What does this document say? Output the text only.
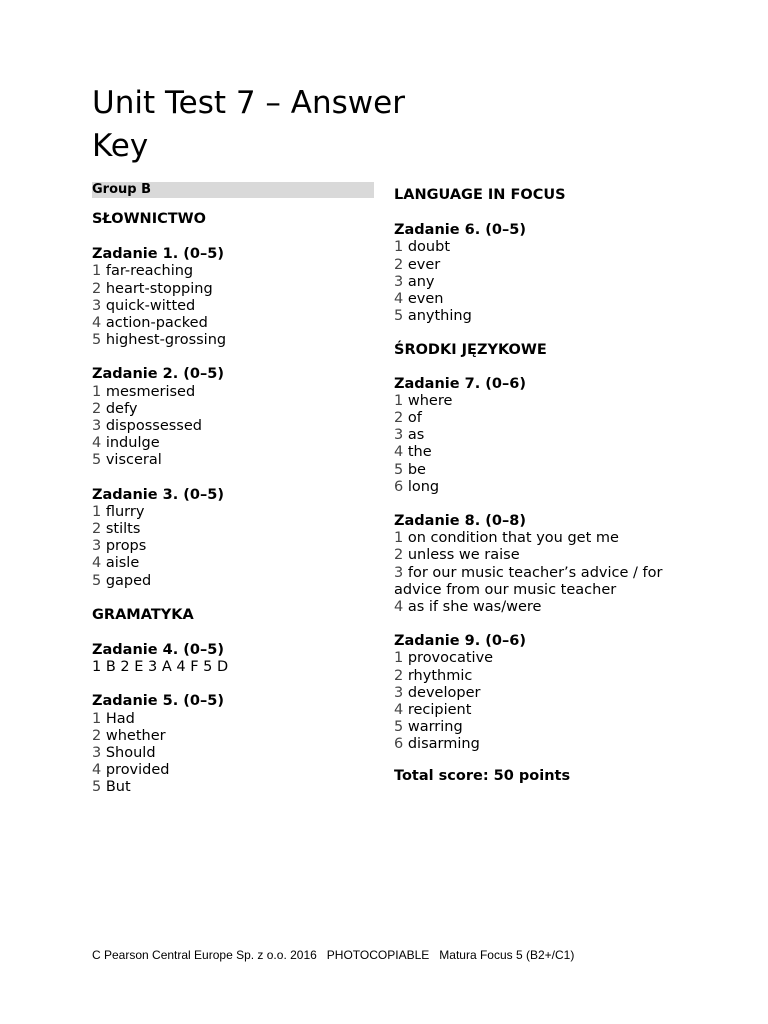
Unit Test 7 – Answer Key
Group B
SŁOWNICTWO
Zadanie 1. (0–5)
1 far-reaching
2 heart-stopping
3 quick-witted
4 action-packed
5 highest-grossing
Zadanie 2. (0–5)
1 mesmerised
2 defy
3 dispossessed
4 indulge
5 visceral
Zadanie 3. (0–5)
1 flurry
2 stilts
3 props
4 aisle
5 gaped
GRAMATYKA
Zadanie 4. (0–5)
1 B 2 E 3 A 4 F 5 D
Zadanie 5. (0–5)
1 Had
2 whether
3 Should
4 provided
5 But
LANGUAGE IN FOCUS
Zadanie 6. (0–5)
1 doubt
2 ever
3 any
4 even
5 anything
ŚRODKI JĘZYKOWE
Zadanie 7. (0–6)
1 where
2 of
3 as
4 the
5 be
6 long
Zadanie 8. (0–8)
1 on condition that you get me
2 unless we raise
3 for our music teacher’s advice / for advice from our music teacher
4 as if she was/were
Zadanie 9. (0–6)
1 provocative
2 rhythmic
3 developer
4 recipient
5 warring
6 disarming
Total score: 50 points
C Pearson Central Europe Sp. z o.o. 2016   PHOTOCOPIABLE   Matura Focus 5 (B2+/C1)
